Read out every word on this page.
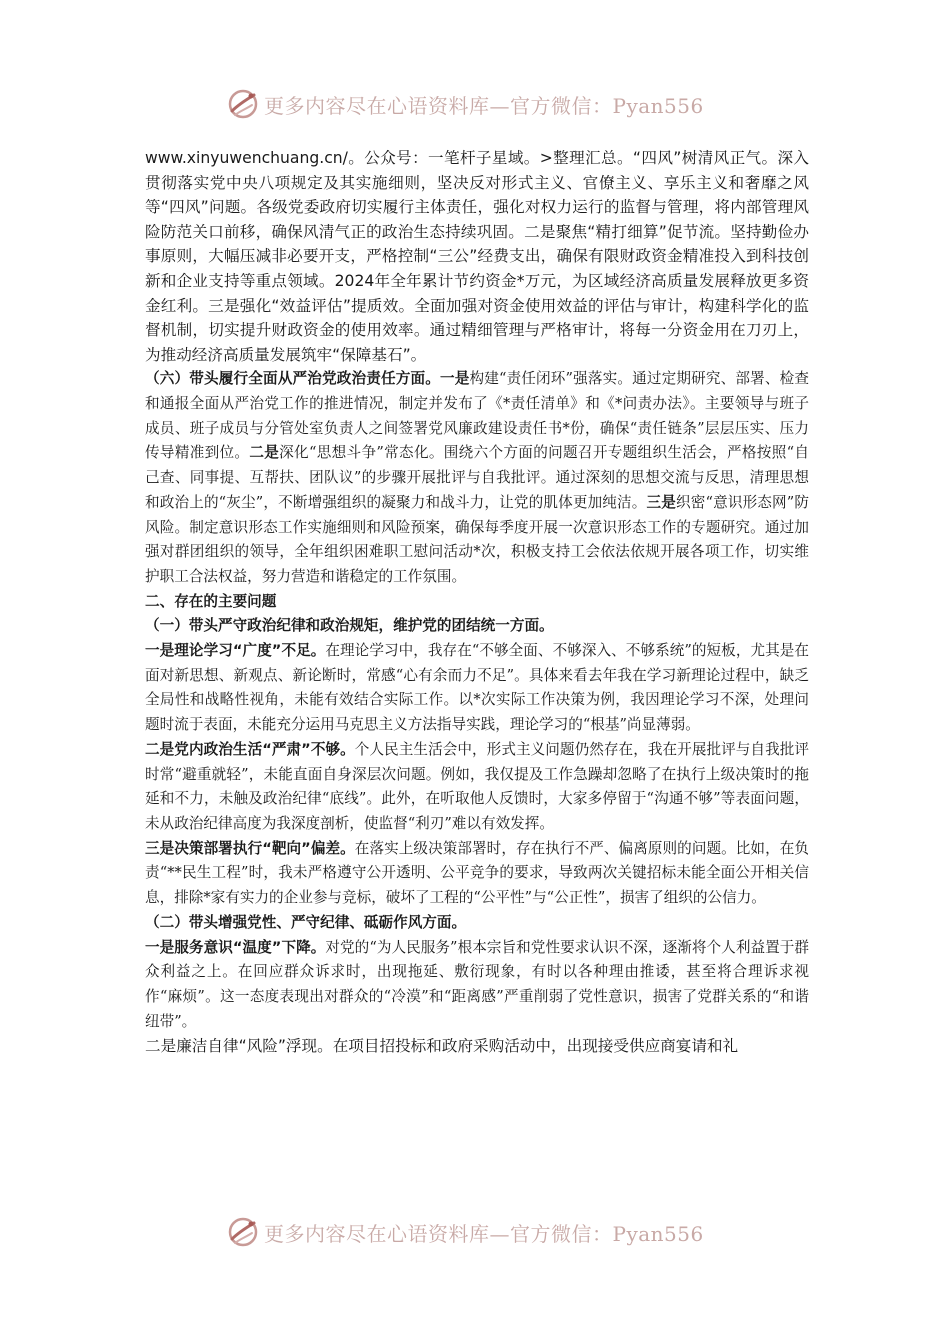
更多内容尽在心语资料库—官方微信：Pyan556

www.xinyuwenchuang.cn/。公众号：一笔杆子星域。>整理汇总。“四风”树清风正气。深入贯彻落实党中央八项规定及其实施细则，坚决反对形式主义、官僚主义、享乐主义和奢靡之风等“四风”问题。各级党委政府切实履行主体责任，强化对权力运行的监督与管理，将内部管理风险防范关口前移，确保风清气正的政治生态持续巩固。二是聚焦“精打细算”促节流。坚持勤俭办事原则，大幅压减非必要开支，严格控制“三公”经费支出，确保有限财政资金精准投入到科技创新和企业支持等重点领域。2024年全年累计节约资金*万元，为区域经济高质量发展释放更多资金红利。三是强化“效益评估”提质效。全面加强对资金使用效益的评估与审计，构建科学化的监督机制，切实提升财政资金的使用效率。通过精细管理与严格审计，将每一分资金用在刀刃上，为推动经济高质量发展筑牢“保障基石”。

（六）带头履行全面从严治党政治责任方面。一是构建“责任闭环”强落实。通过定期研究、部署、检查和通报全面从严治党工作的推进情况，制定并发布了《*责任清单》和《*问责办法》。主要领导与班子成员、班子成员与分管处室负责人之间签署党风廉政建设责任书*份，确保“责任链条”层层压实、压力传导精准到位。二是深化“思想斗争”常态化。围绕六个方面的问题召开专题组织生活会，严格按照“自己查、同事提、互帮扶、团队议”的步骤开展批评与自我批评。通过深刻的思想交流与反思，清理思想和政治上的“灰尘”，不断增强组织的凝聚力和战斗力，让党的肌体更加纯洁。三是织密“意识形态网”防风险。制定意识形态工作实施细则和风险预案，确保每季度开展一次意识形态工作的专题研究。通过加强对群团组织的领导，全年组织困难职工慰问活动*次，积极支持工会依法依规开展各项工作，切实维护职工合法权益，努力营造和谐稳定的工作氛围。

二、存在的主要问题

（一）带头严守政治纪律和政治规矩，维护党的团结统一方面。

一是理论学习“广度”不足。在理论学习中，我存在“不够全面、不够深入、不够系统”的短板，尤其是在面对新思想、新观点、新论断时，常感“心有余而力不足”。具体来看去年我在学习新理论过程中，缺乏全局性和战略性视角，未能有效结合实际工作。以*次实际工作决策为例，我因理论学习不深，处理问题时流于表面，未能充分运用马克思主义方法指导实践，理论学习的“根基”尚显薄弱。

二是党内政治生活“严肃”不够。个人民主生活会中，形式主义问题仍然存在，我在开展批评与自我批评时常“避重就轻”，未能直面自身深层次问题。例如，我仅提及工作急躁却忽略了在执行上级决策时的拖延和不力，未触及政治纪律“底线”。此外，在听取他人反馈时，大家多停留于“沟通不够”等表面问题，未从政治纪律高度为我深度剖析，使监督“利刃”难以有效发挥。

三是决策部署执行“靶向”偏差。在落实上级决策部署时，存在执行不严、偏离原则的问题。比如，在负责“**民生工程”时，我未严格遵守公开透明、公平竞争的要求，导致两次关键招标未能全面公开相关信息，排除*家有实力的企业参与竞标，破坏了工程的“公平性”与“公正性”，损害了组织的公信力。

（二）带头增强党性、严守纪律、砥砺作风方面。

一是服务意识“温度”下降。对党的“为人民服务”根本宗旨和党性要求认识不深，逐渐将个人利益置于群众利益之上。在回应群众诉求时，出现拖延、敷衍现象，有时以各种理由推诿，甚至将合理诉求视作“麻烦”。这一态度表现出对群众的“冷漠”和“距离感”严重削弱了党性意识，损害了党群关系的“和谐纽带”。

二是廉洁自律“风险”浮现。在项目招投标和政府采购活动中，出现接受供应商宴请和礼

更多内容尽在心语资料库—官方微信：Pyan556
